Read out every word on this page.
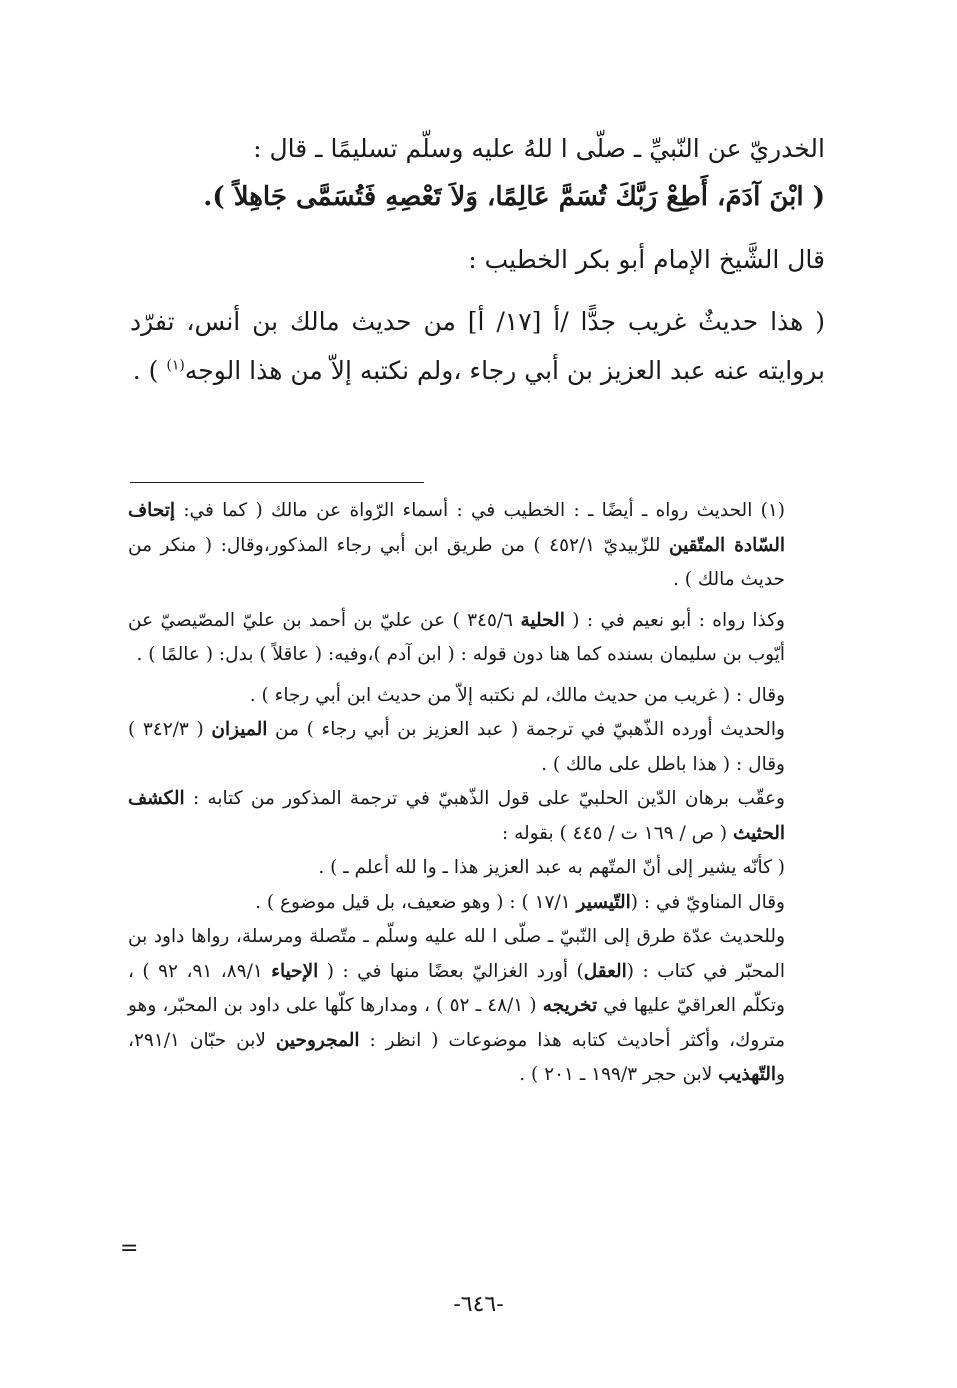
الخدريّ عن النّبيِّ ـ صلّى ا للهُ عليه وسلّم تسليمًا ـ قال :

( ابْنَ آدَمَ، أَطِعْ رَبَّكَ تُسَمَّ عَالِمًا، وَلاَ تَعْصِهِ فَتُسَمَّى جَاهِلاً ).

قال الشَّيخ الإمام أبو بكر الخطيب :

( هذا حديثٌ غريب جدًّا /أ [١٧/ أ] من حديث مالك بن أنس، تفرّد بروايته عنه عبد العزيز بن أبي رجاء ،ولم نكتبه إلاّ من هذا الوجه$^{(١)}$ ) .

(١) الحديث رواه ـ أيضًا ـ : الخطيب في : أسماء الرّواة عن مالك ( كما في: إتحاف السّادة المتّقين للزّبيديّ ٤٥٢/١ ) من طريق ابن أبي رجاء المذكور،وقال: ( منكر من حديث مالك ) .

وكذا رواه : أبو نعيم في : ( الحلية ٣٤٥/٦ ) عن عليّ بن أحمد بن عليّ المصّيصيّ عن أيّوب بن سليمان بسنده كما هنا دون قوله : ( ابن آدم )،وفيه: ( عاقلاً ) بدل: ( عالمًا ) .

وقال : ( غريب من حديث مالك، لم نكتبه إلاّ من حديث ابن أبي رجاء ) .

والحديث أورده الذّهبيّ في ترجمة ( عبد العزيز بن أبي رجاء ) من الميزان ( ٣٤٢/٣ ) وقال : ( هذا باطل على مالك ) .

وعقّب برهان الدّين الحلبيّ على قول الذّهبيّ في ترجمة المذكور من كتابه : الكشف الحثيث ( ص / ١٦٩ ت / ٤٤٥ ) بقوله :

( كأنّه يشير إلى أنّ المتّهم به عبد العزيز هذا ـ وا لله أعلم ـ ) .

وقال المناويّ في : (التّيسير ١٧/١ ) : ( وهو ضعيف، بل قيل موضوع ) .

وللحديث عدّة طرق إلى النّبيّ ـ صلّى ا لله عليه وسلّم ـ متّصلة ومرسلة، رواها داود بن المحبّر في كتاب : (العقل) أورد الغزاليّ بعضًا منها في : ( الإحياء ٨٩/١، ٩١، ٩٢ ) ، وتكلّم العراقيّ عليها في تخريجه ( ٤٨/١ ـ ٥٢ ) ، ومدارها كلّها على داود بن المحبّر، وهو متروك، وأكثر أحاديث كتابه هذا موضوعات ( انظر : المجروحين لابن حبّان ٢٩١/١، والتّهذيب لابن حجر ١٩٩/٣ ـ ٢٠١ ) .

=
-٦٤٦-
